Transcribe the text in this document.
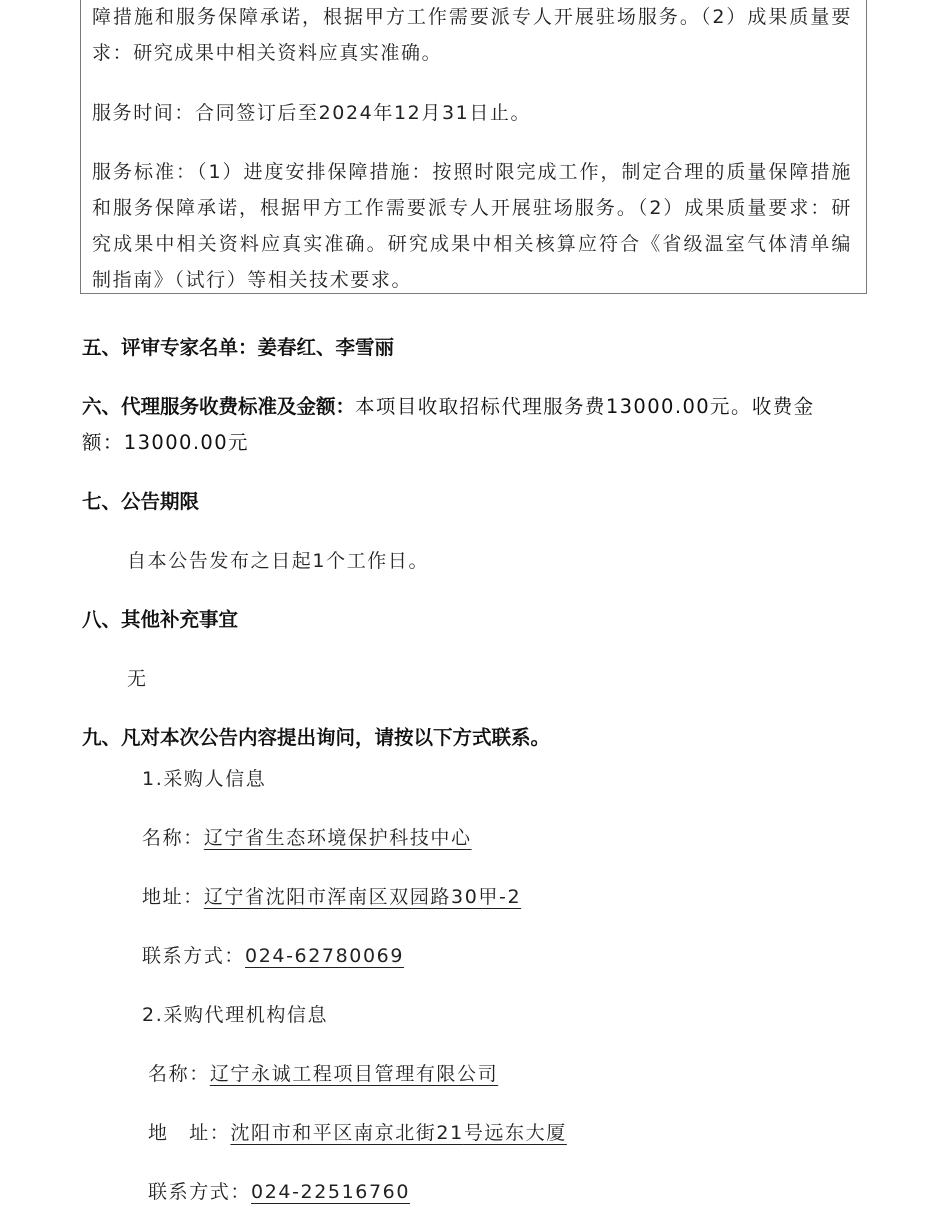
障措施和服务保障承诺，根据甲方工作需要派专人开展驻场服务。（2）成果质量要求：研究成果中相关资料应真实准确。

服务时间：合同签订后至2024年12月31日止。

服务标准：（1）进度安排保障措施：按照时限完成工作，制定合理的质量保障措施和服务保障承诺，根据甲方工作需要派专人开展驻场服务。（2）成果质量要求：研究成果中相关资料应真实准确。研究成果中相关核算应符合《省级温室气体清单编制指南》（试行）等相关技术要求。

五、评审专家名单：姜春红、李雪丽

六、代理服务收费标准及金额：本项目收取招标代理服务费13000.00元。收费金额：13000.00元

七、公告期限

自本公告发布之日起1个工作日。

八、其他补充事宜

无

九、凡对本次公告内容提出询问，请按以下方式联系。

1.采购人信息

名称：辽宁省生态环境保护科技中心

地址：辽宁省沈阳市浑南区双园路30甲-2

联系方式：024-62780069

2.采购代理机构信息

名称：辽宁永诚工程项目管理有限公司

地　址：沈阳市和平区南京北街21号远东大厦

联系方式：024-22516760
